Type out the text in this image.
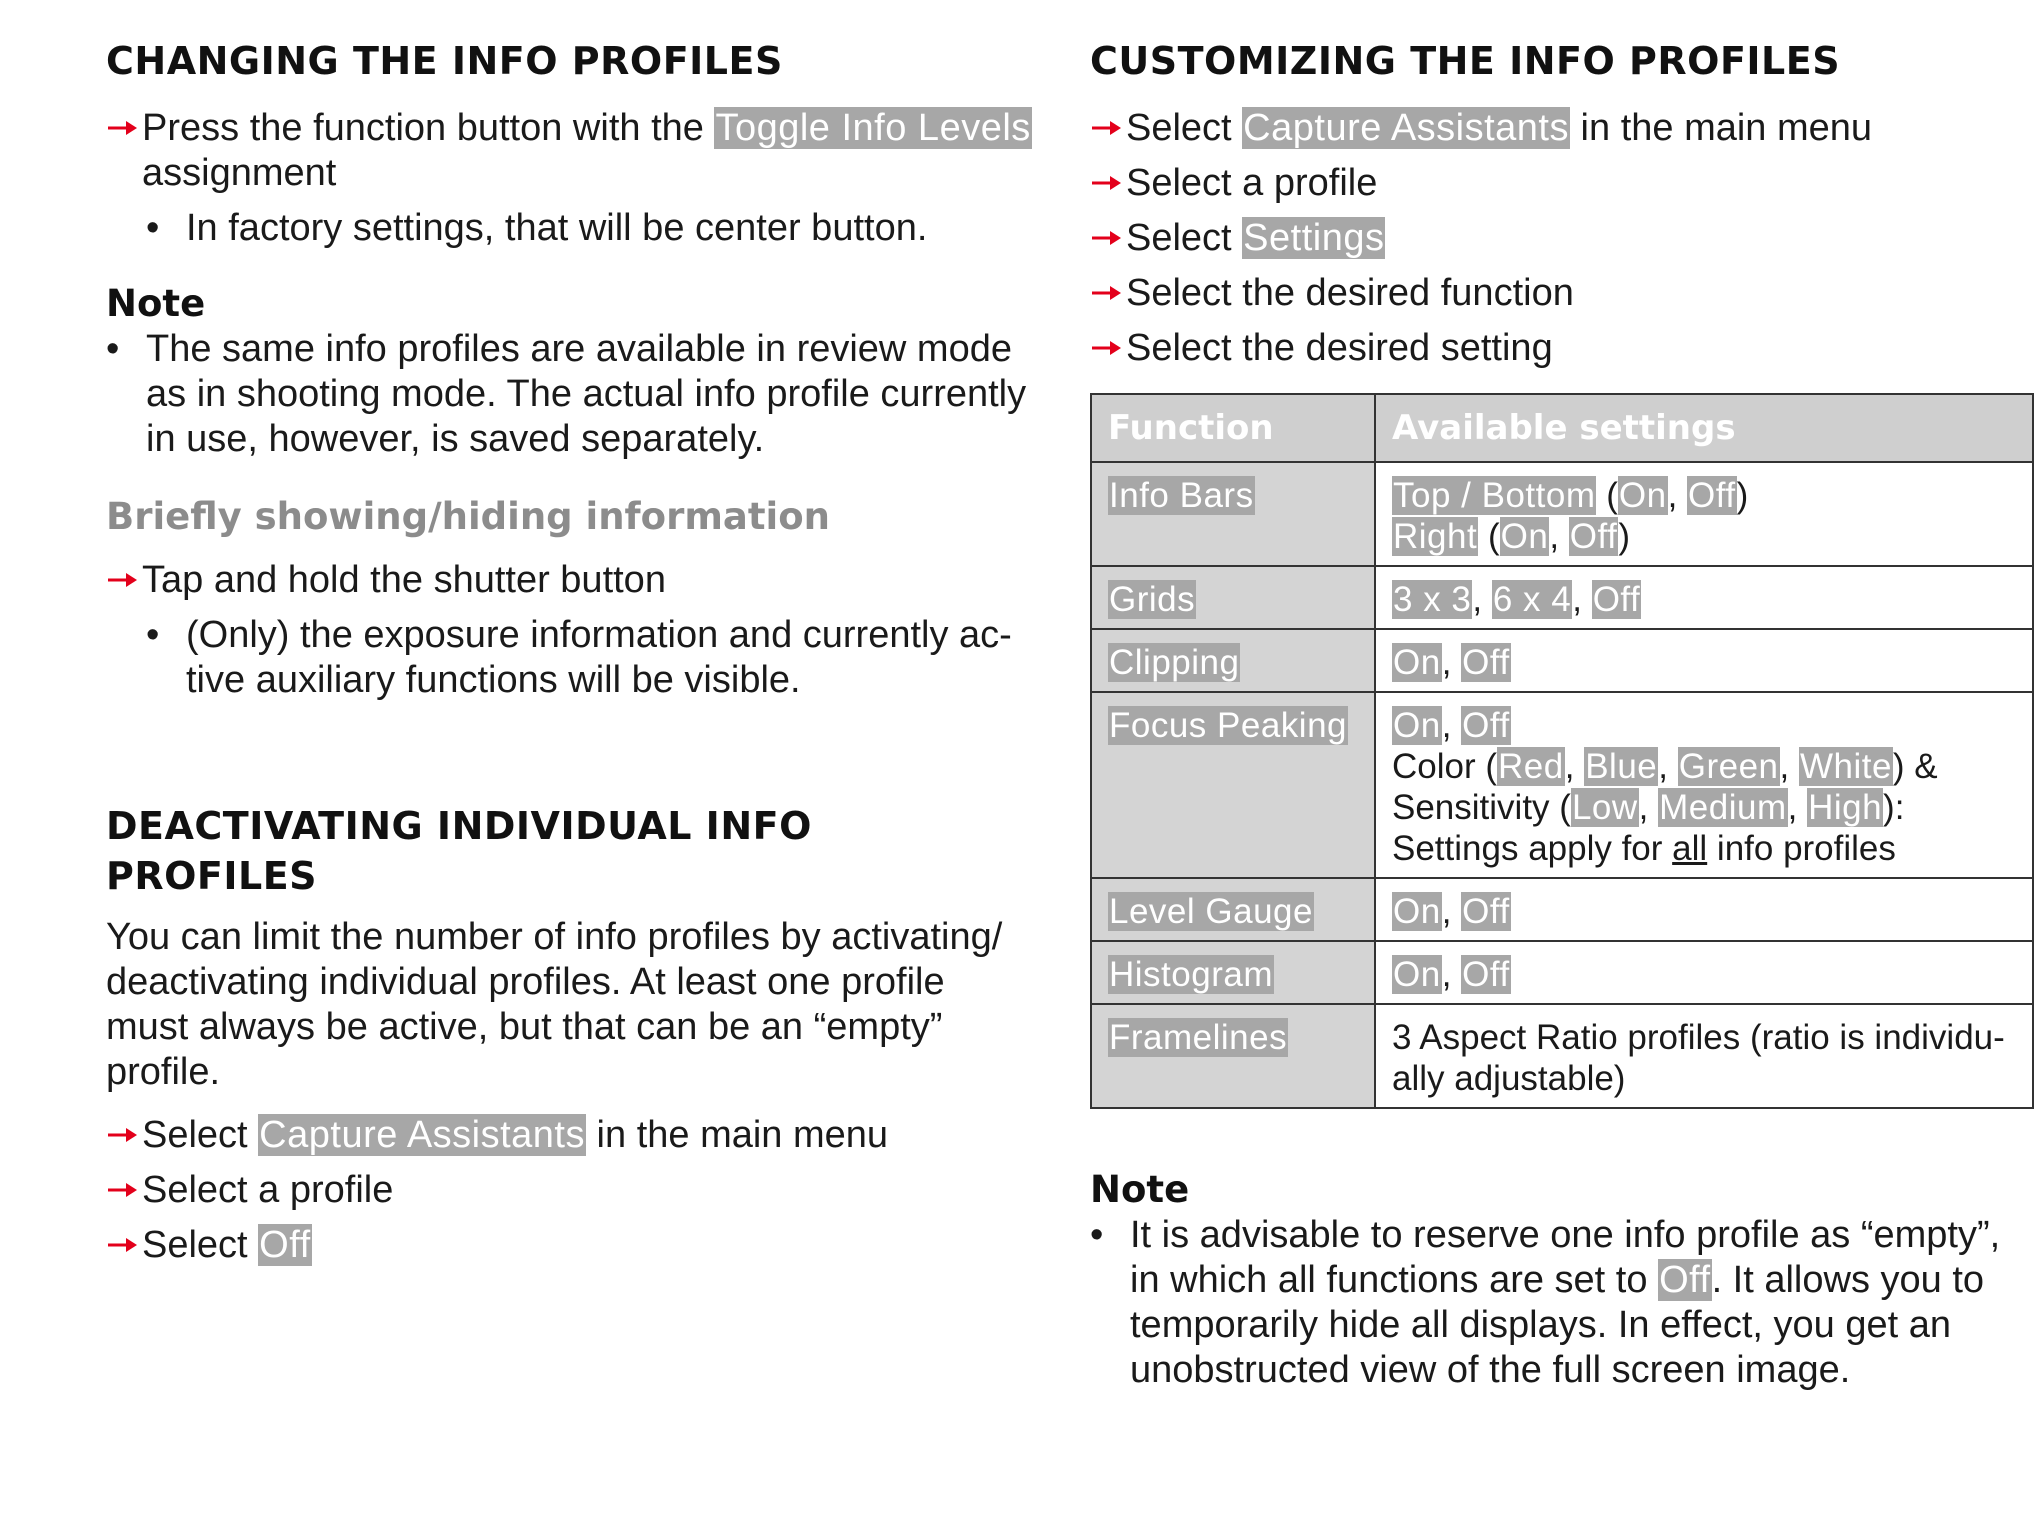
CHANGING THE INFO PROFILES
Press the function button with the Toggle Info Levels assignment
• In factory settings, that will be center button.
Note
• The same info profiles are available in review mode as in shooting mode. The actual info profile currently in use, however, is saved separately.
Briefly showing/hiding information
Tap and hold the shutter button
• (Only) the exposure information and currently ac-tive auxiliary functions will be visible.
DEACTIVATING INDIVIDUAL INFO PROFILES
You can limit the number of info profiles by activating/ deactivating individual profiles. At least one profile must always be active, but that can be an “empty” profile.
Select Capture Assistants in the main menu
Select a profile
Select Off
CUSTOMIZING THE INFO PROFILES
Select Capture Assistants in the main menu
Select a profile
Select Settings
Select the desired function
Select the desired setting
Function	Available settings
Info Bars	Top / Bottom (On, Off)
Right (On, Off)
Grids	3 x 3, 6 x 4, Off
Clipping	On, Off
Focus Peaking	On, Off
Color (Red, Blue, Green, White) &
Sensitivity (Low, Medium, High): Settings apply for all info profiles
Level Gauge	On, Off
Histogram	On, Off
Framelines	3 Aspect Ratio profiles (ratio is individu-ally adjustable)
Note
• It is advisable to reserve one info profile as “empty”, in which all functions are set to Off. It allows you to temporarily hide all displays. In effect, you get an unobstructed view of the full screen image.
